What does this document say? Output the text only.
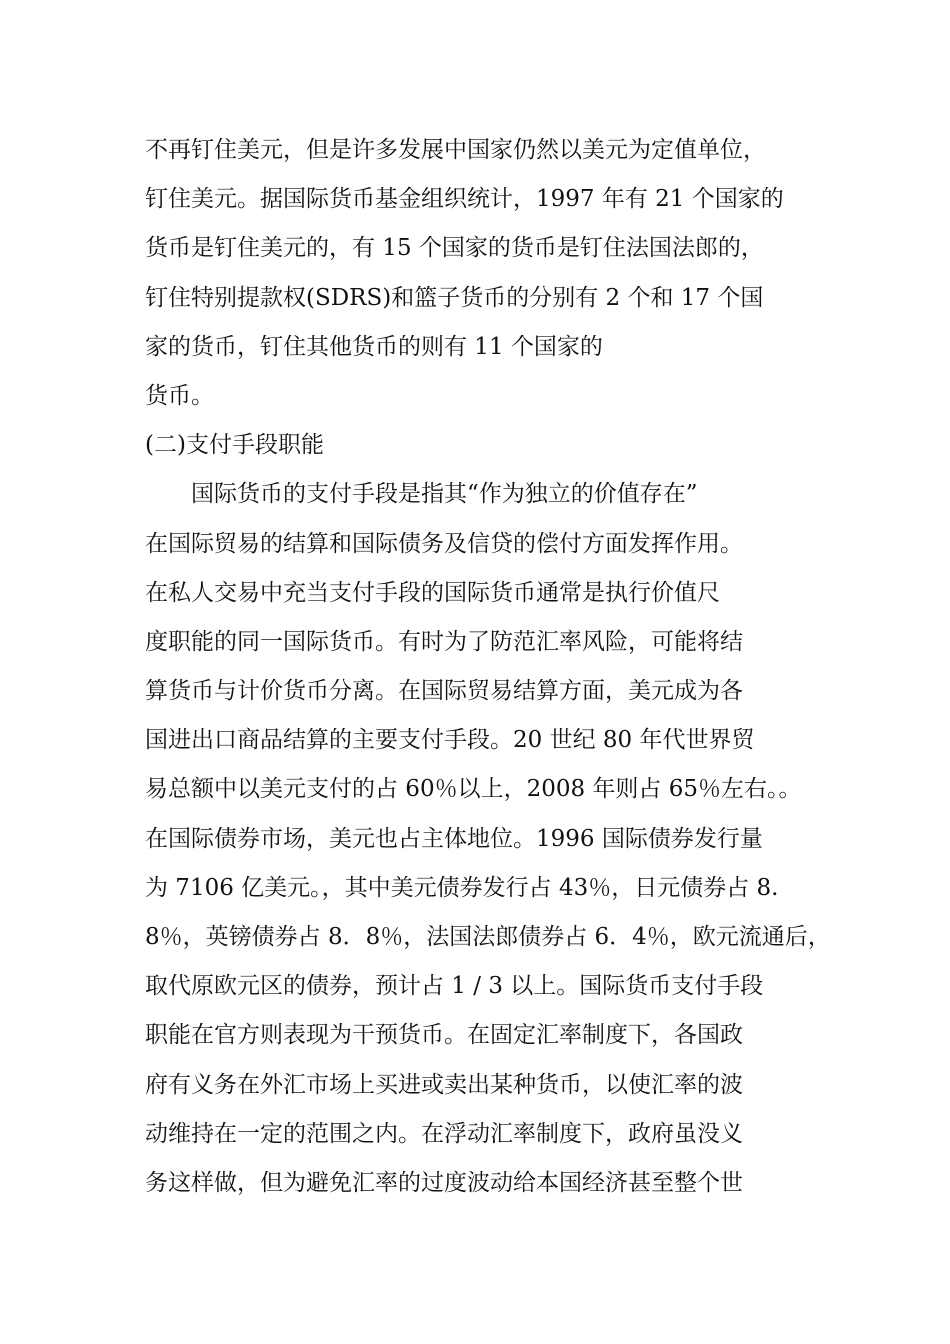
不再钉住美元，但是许多发展中国家仍然以美元为定值单位，
钉住美元。据国际货币基金组织统计，1997 年有 21 个国家的
货币是钉住美元的，有 15 个国家的货币是钉住法国法郎的，
钉住特别提款权(SDRS)和篮子货币的分别有 2 个和 17 个国
家的货币，钉住其他货币的则有 11 个国家的
货币。
(二)支付手段职能
国际货币的支付手段是指其“作为独立的价值存在”
在国际贸易的结算和国际债务及信贷的偿付方面发挥作用。
在私人交易中充当支付手段的国际货币通常是执行价值尺
度职能的同一国际货币。有时为了防范汇率风险，可能将结
算货币与计价货币分离。在国际贸易结算方面，美元成为各
国进出口商品结算的主要支付手段。20 世纪 80 年代世界贸
易总额中以美元支付的占 60％以上，2008 年则占 65％左右。。
在国际债券市场，美元也占主体地位。1996 国际债券发行量
为 7106 亿美元。，其中美元债券发行占 43％，日元债券占 8.
8％，英镑债券占 8．8％，法国法郎债券占 6．4％，欧元流通后，
取代原欧元区的债券，预计占 1 / 3 以上。国际货币支付手段
职能在官方则表现为干预货币。在固定汇率制度下，各国政
府有义务在外汇市场上买进或卖出某种货币，以使汇率的波
动维持在一定的范围之内。在浮动汇率制度下，政府虽没义
务这样做，但为避免汇率的过度波动给本国经济甚至整个世
